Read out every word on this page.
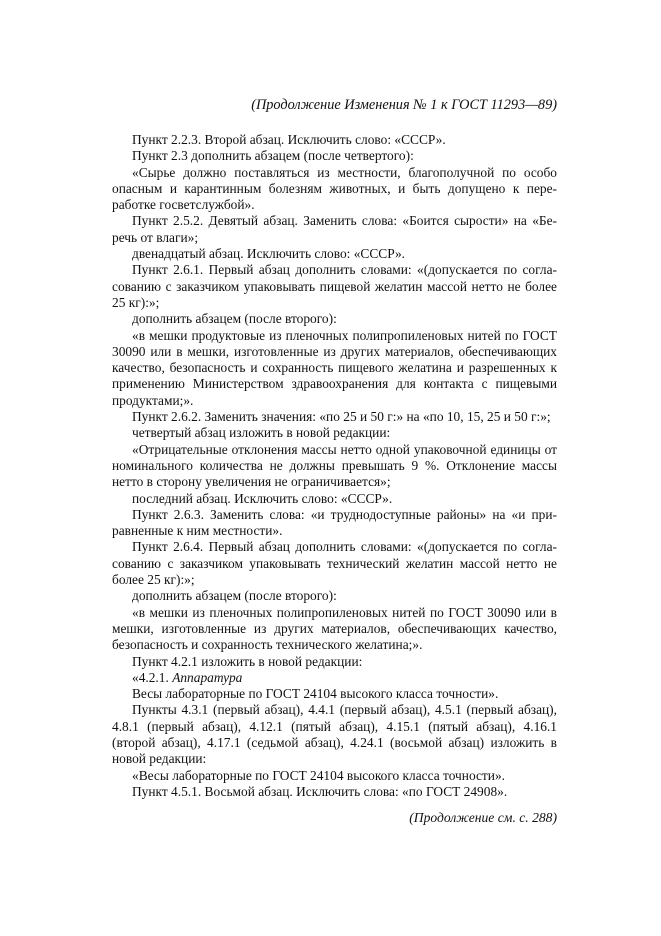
(Продолжение Изменения № 1 к ГОСТ 11293—89)

Пункт 2.2.3. Второй абзац. Исключить слово: «СССР».

Пункт 2.3 дополнить абзацем (после четвертого):

«Сырье должно поставляться из местности, благополучной по особо опасным и карантинным болезням животных, и быть допущено к переработке госветслужбой».

Пункт 2.5.2. Девятый абзац. Заменить слова: «Боится сырости» на «Беречь от влаги»;

двенадцатый абзац. Исключить слово: «СССР».

Пункт 2.6.1. Первый абзац дополнить словами: «(допускается по согласованию с заказчиком упаковывать пищевой желатин массой нетто не более 25 кг):»;

дополнить абзацем (после второго):

«в мешки продуктовые из пленочных полипропиленовых нитей по ГОСТ 30090 или в мешки, изготовленные из других материалов, обеспечивающих качество, безопасность и сохранность пищевого желатина и разрешенных к применению Министерством здравоохранения для контакта с пищевыми продуктами;».

Пункт 2.6.2. Заменить значения: «по 25 и 50 г:» на «по 10, 15, 25 и 50 г:»;

четвертый абзац изложить в новой редакции:

«Отрицательные отклонения массы нетто одной упаковочной единицы от номинального количества не должны превышать 9 %. Отклонение массы нетто в сторону увеличения не ограничивается»;

последний абзац. Исключить слово: «СССР».

Пункт 2.6.3. Заменить слова: «и труднодоступные районы» на «и приравненные к ним местности».

Пункт 2.6.4. Первый абзац дополнить словами: «(допускается по согласованию с заказчиком упаковывать технический желатин массой нетто не более 25 кг):»;

дополнить абзацем (после второго):

«в мешки из пленочных полипропиленовых нитей по ГОСТ 30090 или в мешки, изготовленные из других материалов, обеспечивающих качество, безопасность и сохранность технического желатина;».

Пункт 4.2.1 изложить в новой редакции:

«4.2.1. Аппаратура

Весы лабораторные по ГОСТ 24104 высокого класса точности».

Пункты 4.3.1 (первый абзац), 4.4.1 (первый абзац), 4.5.1 (первый абзац), 4.8.1 (первый абзац), 4.12.1 (пятый абзац), 4.15.1 (пятый абзац), 4.16.1 (второй абзац), 4.17.1 (седьмой абзац), 4.24.1 (восьмой абзац) изложить в новой редакции:

«Весы лабораторные по ГОСТ 24104 высокого класса точности».

Пункт 4.5.1. Восьмой абзац. Исключить слова: «по ГОСТ 24908».

(Продолжение см. с. 288)
